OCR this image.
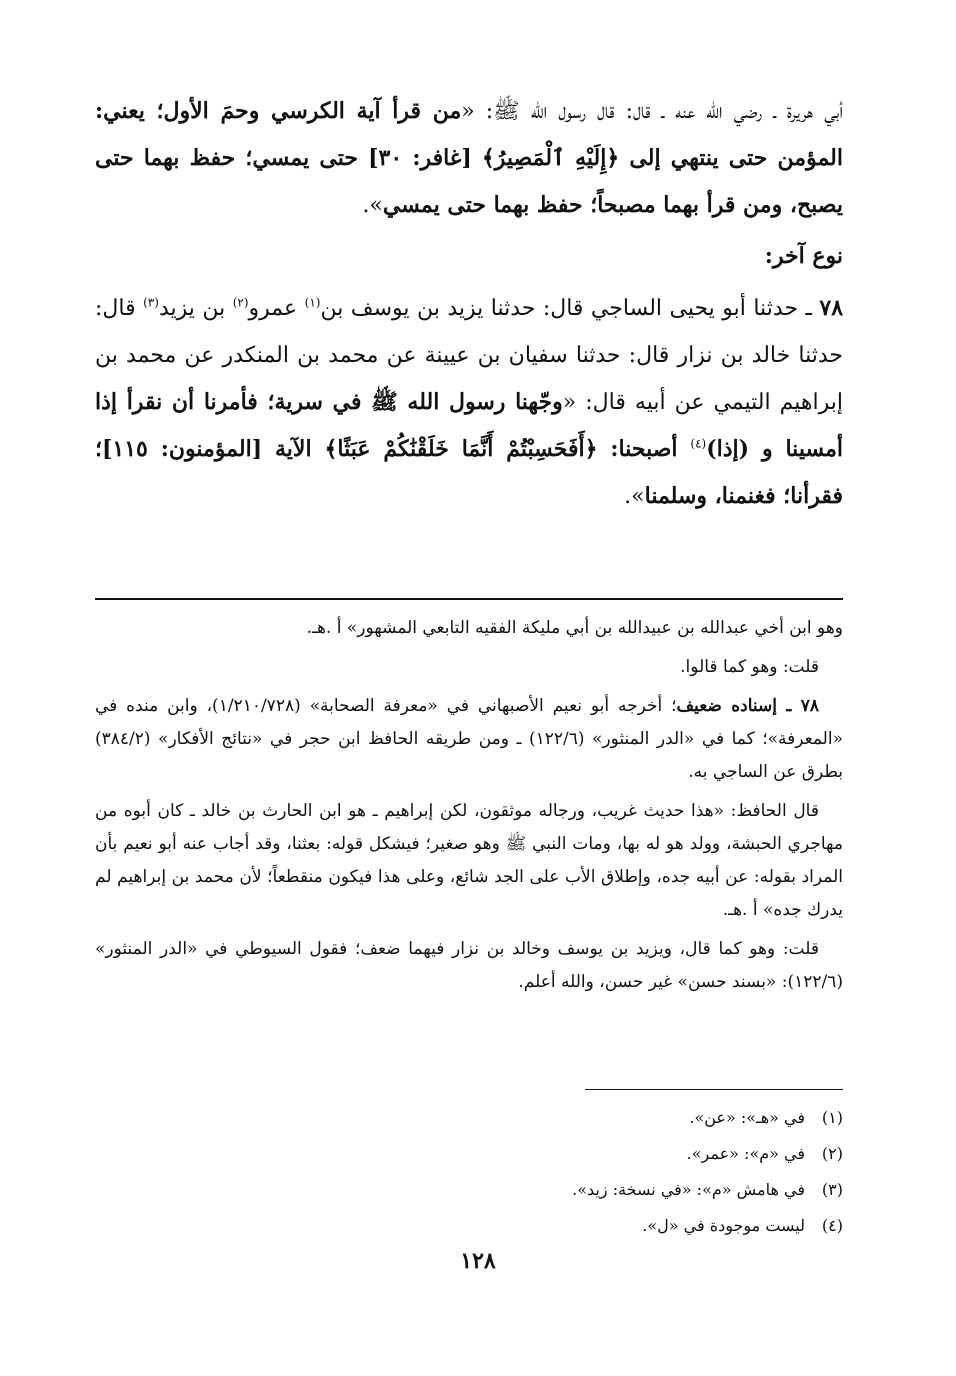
أبي هريرة ـ رضي الله عنه ـ قال: قال رسول الله ﷺ: «من قرأ آية الكرسي وحمَ الأول؛ يعني: المؤمن حتى ينتهي إلى ﴿إِلَيْهِ ٱلْمَصِيرُ﴾ [غافر: ٣٠] حتى يمسي؛ حفظ بهما حتى يصبح، ومن قرأ بهما مصبحاً؛ حفظ بهما حتى يمسي».

نوع آخر:

٧٨ ـ حدثنا أبو يحيى الساجي قال: حدثنا يزيد بن يوسف بن$^{(١)}$ عمرو$^{(٢)}$ بن يزيد$^{(٣)}$ قال: حدثنا خالد بن نزار قال: حدثنا سفيان بن عيينة عن محمد بن المنكدر عن محمد بن إبراهيم التيمي عن أبيه قال: «وجّهنا رسول الله ﷺ في سرية؛ فأمرنا أن نقرأ إذا أمسينا و (إذا)$^{(٤)}$ أصبحنا: ﴿أَفَحَسِبْتُمْ أَنَّمَا خَلَقْنَٰكُمْ عَبَثًا﴾ الآية [المؤمنون: ١١٥]؛ فقرأنا؛ فغنمنا، وسلمنا».

وهو ابن أخي عبدالله بن عبيدالله بن أبي مليكة الفقيه التابعي المشهور» أ .هـ.

قلت: وهو كما قالوا.

٧٨ ـ إسناده ضعيف؛ أخرجه أبو نعيم الأصبهاني في «معرفة الصحابة» (١/٢١٠/٧٢٨)، وابن منده في «المعرفة»؛ كما في «الدر المنثور» (١٢٢/٦) ـ ومن طريقه الحافظ ابن حجر في «نتائج الأفكار» (٣٨٤/٢) بطرق عن الساجي به.

قال الحافظ: «هذا حديث غريب، ورجاله موثقون، لكن إبراهيم ـ هو ابن الحارث بن خالد ـ كان أبوه من مهاجري الحبشة، وولد هو له بها، ومات النبي ﷺ وهو صغير؛ فيشكل قوله: بعثنا، وقد أجاب عنه أبو نعيم بأن المراد بقوله: عن أبيه جده، وإطلاق الأب على الجد شائع، وعلى هذا فيكون منقطعاً؛ لأن محمد بن إبراهيم لم يدرك جده» أ .هـ.

قلت: وهو كما قال، ويزيد بن يوسف وخالد بن نزار فيهما ضعف؛ فقول السيوطي في «الدر المنثور» (١٢٢/٦): «بسند حسن» غير حسن، والله أعلم.

(١)
في «هـ»: «عن».
(٢)
في «م»: «عمر».
(٣)
في هامش «م»: «في نسخة: زيد».
(٤)
ليست موجودة في «ل».
١٢٨
